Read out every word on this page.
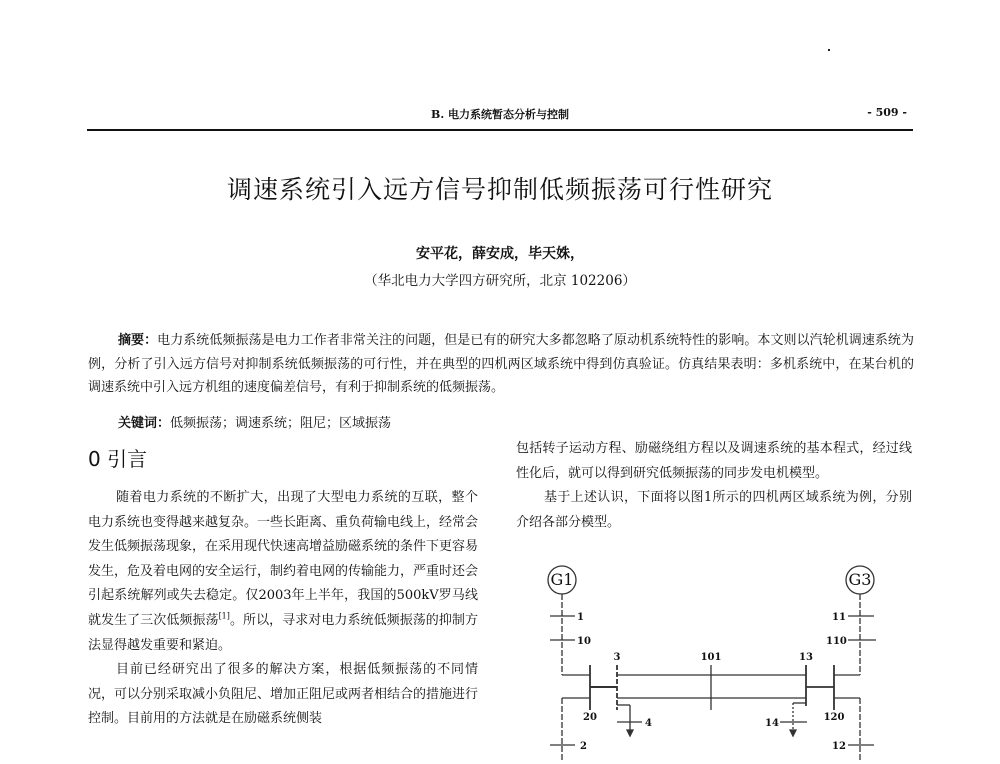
B. 电力系统暂态分析与控制	- 509 -
调速系统引入远方信号抑制低频振荡可行性研究
安平花，薛安成，毕天姝，
（华北电力大学四方研究所，北京 102206）
摘要：电力系统低频振荡是电力工作者非常关注的问题，但是已有的研究大多都忽略了原动机系统特性的影响。本文则以汽轮机调速系统为例，分析了引入远方信号对抑制系统低频振荡的可行性，并在典型的四机两区域系统中得到仿真验证。仿真结果表明：多机系统中，在某台机的调速系统中引入远方机组的速度偏差信号，有利于抑制系统的低频振荡。
关键词：低频振荡；调速系统；阻尼；区域振荡
0 引言

随着电力系统的不断扩大，出现了大型电力系统的互联，整个电力系统也变得越来越复杂。一些长距离、重负荷输电线上，经常会发生低频振荡现象，在采用现代快速高增益励磁系统的条件下更容易发生，危及着电网的安全运行，制约着电网的传输能力，严重时还会引起系统解列或失去稳定。仅2003年上半年，我国的500kV罗马线就发生了三次低频振荡[1]。所以，寻求对电力系统低频振荡的抑制方法显得越发重要和紧迫。

目前已经研究出了很多的解决方案，根据低频振荡的不同情况，可以分别采取减小负阻尼、增加正阻尼或两者相结合的措施进行控制。目前用的方法就是在励磁系统侧装

包括转子运动方程、励磁绕组方程以及调速系统的基本程式，经过线性化后，就可以得到研究低频振荡的同步发电机模型。

基于上述认识，下面将以图1所示的四机两区域系统为例，分别介绍各部分模型。

G1	G3
1
10
3	101	13
20
4	14
120
2
11
110
12
